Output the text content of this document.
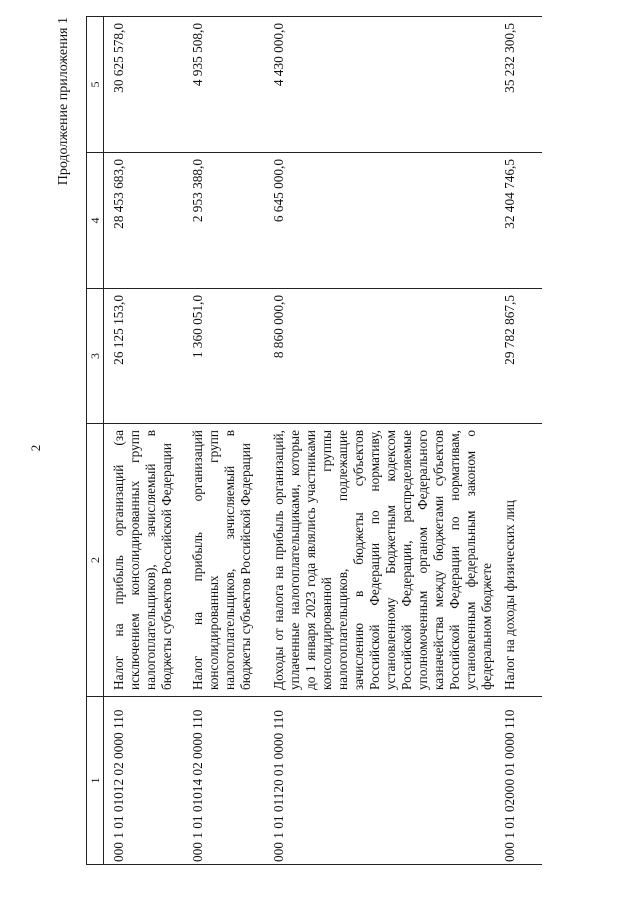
2
Продолжение приложения 1
1	2	3	4	5
000 1 01 01012 02 0000 110	Налог на прибыль организаций (за исключением консолидированных групп налогоплательщиков), зачисляемый в бюджеты субъектов Российской Федерации	26 125 153,0	28 453 683,0	30 625 578,0
000 1 01 01014 02 0000 110	Налог на прибыль организаций консолидированных групп налогоплательщиков, зачисляемый в бюджеты субъектов Российской Федерации	1 360 051,0	2 953 388,0	4 935 508,0
000 1 01 01120 01 0000 110	Доходы от налога на прибыль организаций, уплаченные налогоплательщиками, которые до 1 января 2023 года являлись участниками консолидированной группы налогоплательщиков, подлежащие зачислению в бюджеты субъектов Российской Федерации по нормативу, установленному Бюджетным кодексом Российской Федерации, распределяемые уполномоченным органом Федерального казначейства между бюджетами субъектов Российской Федерации по нормативам, установленным федеральным законом о федеральном бюджете	8 860 000,0	6 645 000,0	4 430 000,0
000 1 01 02000 01 0000 110	Налог на доходы физических лиц	29 782 867,5	32 404 746,5	35 232 300,5
